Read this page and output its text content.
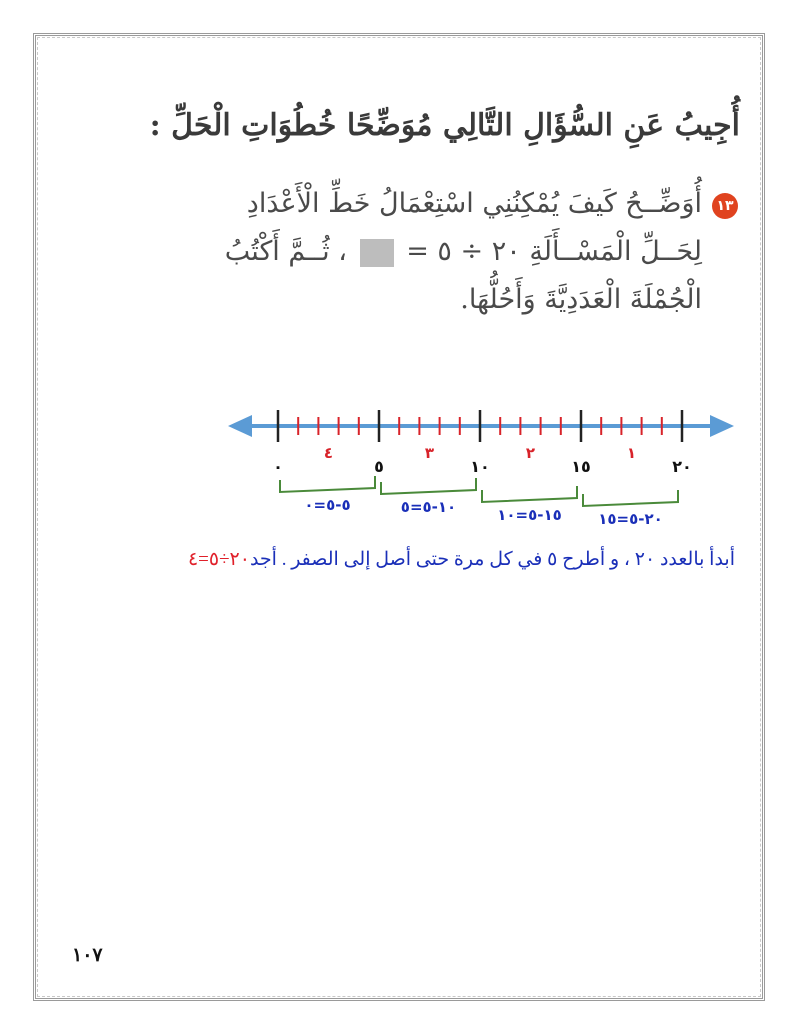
أُجِيبُ عَنِ السُّؤَالِ التَّالِي مُوَضِّحًا خُطُوَاتِ الْحَلِّ :
١٣
أُوَضِّــحُ كَيفَ يُمْكِنُنِي اسْتِعْمَالُ خَطِّ الْأَعْدَادِ
لِحَــلِّ الْمَسْــأَلَةِ ٢٠ ÷ ٥ =  ، ثُــمَّ أَكْتُبُ
الْجُمْلَةَ الْعَدَدِيَّةَ وَأَحُلُّهَا.
٠	٥	١٠	١٥	٢٠
٤	٣	٢	١
٥-٥=٠	١٠-٥=٥	١٥-٥=١٠ ٢٠-٥=١٥
أبدأ بالعدد ٢٠ ، و أطرح ٥ في كل مرة حتى أصل إلى الصفر . أجد٢٠÷٥=٤
١٠٧
